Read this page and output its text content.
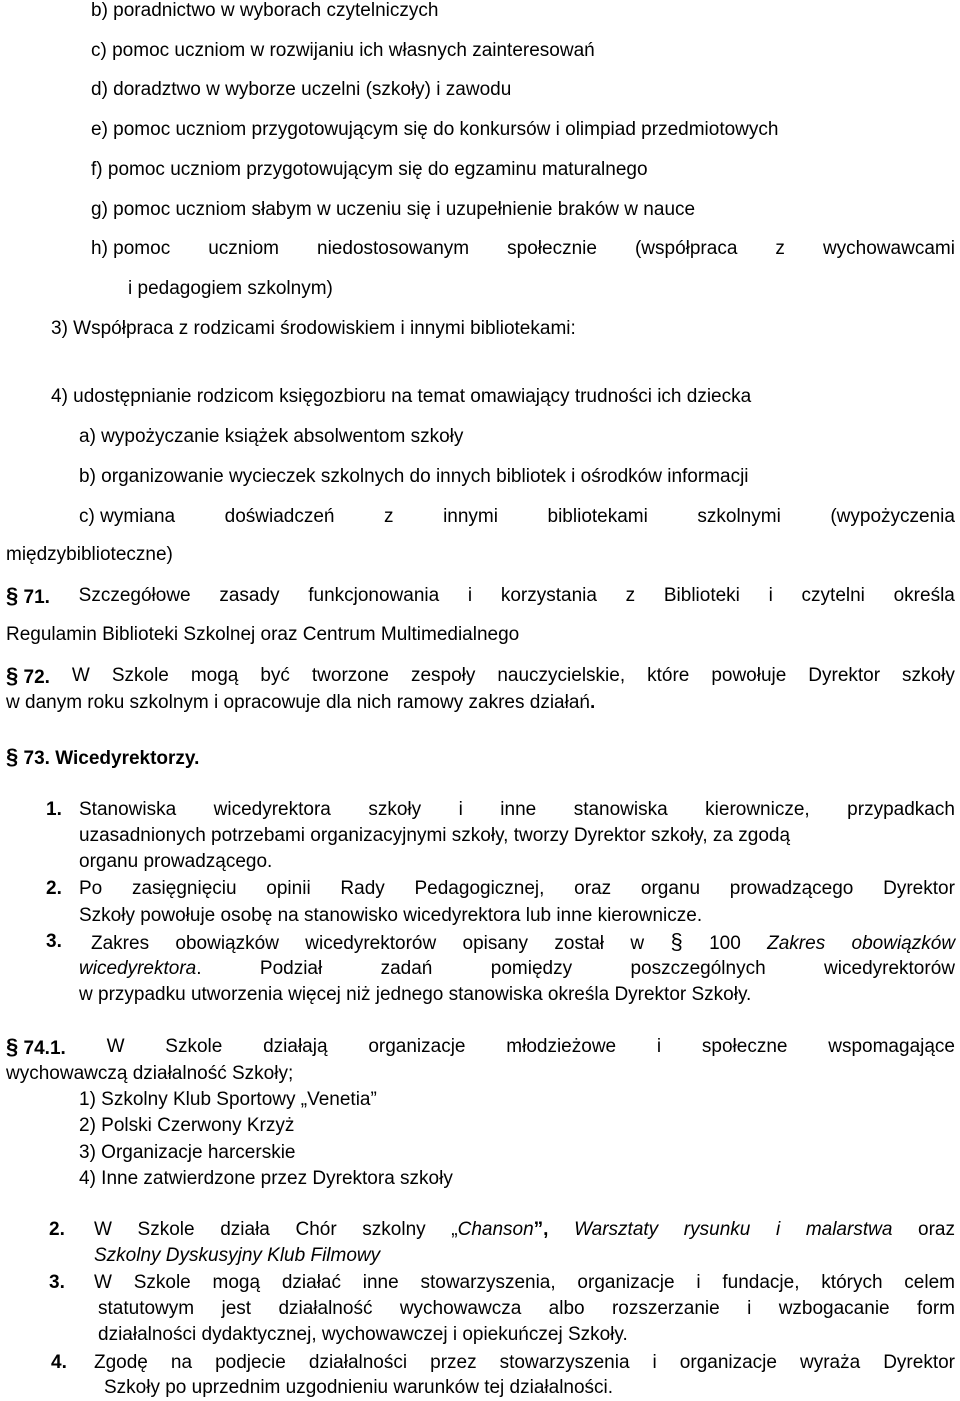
b) poradnictwo w wyborach czytelniczych
c) pomoc uczniom w rozwijaniu ich własnych zainteresowań
d) doradztwo w wyborze uczelni (szkoły) i zawodu
e) pomoc uczniom przygotowującym się do konkursów i olimpiad przedmiotowych
f) pomoc uczniom przygotowującym się do egzaminu maturalnego
g) pomoc uczniom słabym w uczeniu się i uzupełnienie braków w nauce
h) pomoc uczniom niedostosowanym społecznie (współpraca z wychowawcami
i pedagogiem szkolnym)
3) Współpraca z rodzicami środowiskiem i innymi bibliotekami:
4) udostępnianie rodzicom księgozbioru na temat omawiający trudności ich dziecka
a) wypożyczanie książek absolwentom szkoły
b) organizowanie wycieczek szkolnych do innych bibliotek i ośrodków informacji
c) wymiana	doświadczeń	z	innymi	bibliotekami	szkolnymi	(wypożyczenia
międzybiblioteczne)
§ 71. Szczegółowe zasady funkcjonowania i korzystania z Biblioteki i czytelni określa
Regulamin Biblioteki Szkolnej oraz Centrum Multimedialnego
§ 72. W Szkole mogą być tworzone zespoły nauczycielskie, które powołuje Dyrektor szkoły
w danym roku szkolnym i opracowuje dla nich ramowy zakres działań.
§ 73. Wicedyrektorzy.
1. Stanowiska wicedyrektora szkoły i inne stanowiska kierownicze, przypadkach
uzasadnionych potrzebami organizacyjnymi szkoły, tworzy Dyrektor szkoły, za zgodą
organu prowadzącego.
2. Po zasięgnięciu opinii Rady Pedagogicznej, oraz organu prowadzącego Dyrektor
Szkoły powołuje osobę na stanowisko wicedyrektora lub inne kierownicze.
3. Zakres obowiązków wicedyrektorów opisany został w § 100 Zakres obowiązków
wicedyrektora. Podział zadań pomiędzy poszczególnych wicedyrektorów
w przypadku utworzenia więcej niż jednego stanowiska określa Dyrektor Szkoły.
§ 74.1. W Szkole działają organizacje młodzieżowe i społeczne wspomagające
wychowawczą działalność Szkoły;
1) Szkolny Klub Sportowy „Venetia”
2) Polski Czerwony Krzyż
3) Organizacje harcerskie
4) Inne zatwierdzone przez Dyrektora szkoły
2. W Szkole działa Chór szkolny „Chanson”, Warsztaty rysunku i malarstwa oraz
Szkolny Dyskusyjny Klub Filmowy
3. W Szkole mogą działać inne stowarzyszenia, organizacje i fundacje, których celem
statutowym jest działalność wychowawcza albo rozszerzanie i wzbogacanie form
działalności dydaktycznej, wychowawczej i opiekuńczej Szkoły.
4. Zgodę na podjecie działalności przez stowarzyszenia i organizacje wyraża Dyrektor
Szkoły po uprzednim uzgodnieniu warunków tej działalności.
